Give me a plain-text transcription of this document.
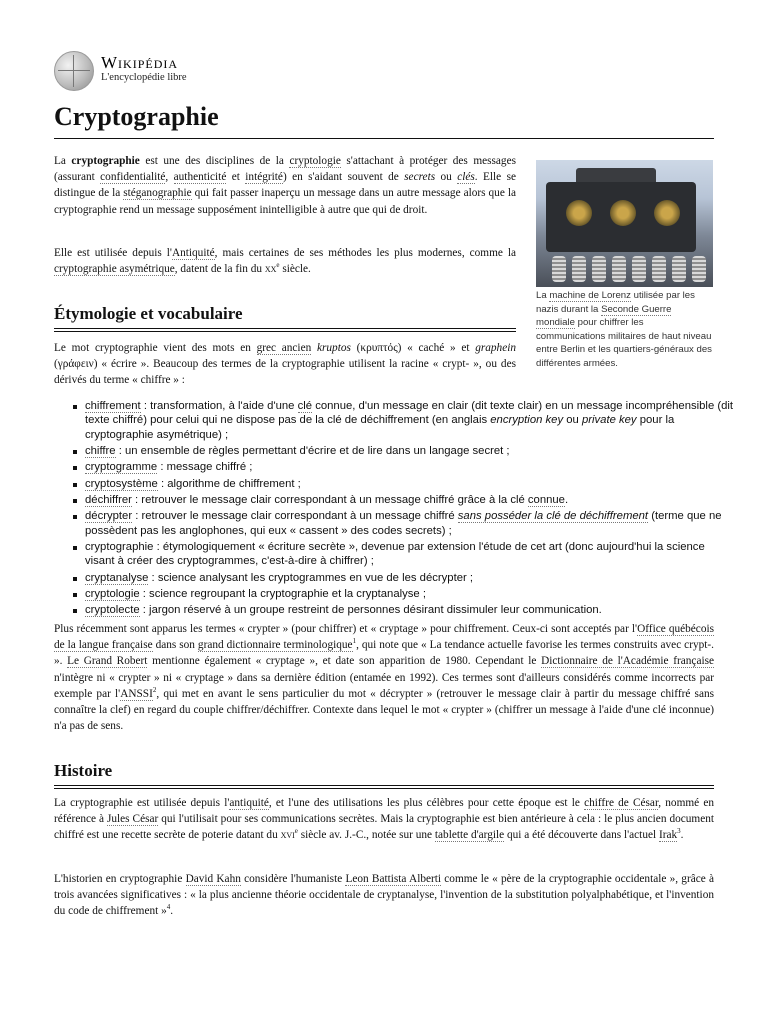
Wikipédia
L'encyclopédie libre
Cryptographie

La cryptographie est une des disciplines de la cryptologie s'attachant à protéger des messages (assurant confidentialité, authenticité et intégrité) en s'aidant souvent de secrets ou clés. Elle se distingue de la stéganographie qui fait passer inaperçu un message dans un autre message alors que la cryptographie rend un message supposément inintelligible à autre que qui de droit.

Elle est utilisée depuis l'Antiquité, mais certaines de ses méthodes les plus modernes, comme la cryptographie asymétrique, datent de la fin du $xx^e$ siècle.

La machine de Lorenz utilisée par les nazis durant la Seconde Guerre mondiale pour chiffrer les communications militaires de haut niveau entre Berlin et les quartiers-généraux des différentes armées.
Étymologie et vocabulaire

Le mot cryptographie vient des mots en grec ancien kruptos (κρυπτός) « caché » et graphein (γράφειν) « écrire ». Beaucoup des termes de la cryptographie utilisent la racine « crypt- », ou des dérivés du terme « chiffre » :

chiffrement : transformation, à l'aide d'une clé connue, d'un message en clair (dit texte clair) en un message incompréhensible (dit texte chiffré) pour celui qui ne dispose pas de la clé de déchiffrement (en anglais encryption key ou private key pour la cryptographie asymétrique) ;
chiffre : un ensemble de règles permettant d'écrire et de lire dans un langage secret ;
cryptogramme : message chiffré ;
cryptosystème : algorithme de chiffrement ;
déchiffrer : retrouver le message clair correspondant à un message chiffré grâce à la clé connue.
décrypter : retrouver le message clair correspondant à un message chiffré sans posséder la clé de déchiffrement (terme que ne possèdent pas les anglophones, qui eux « cassent » des codes secrets) ;
cryptographie : étymologiquement « écriture secrète », devenue par extension l'étude de cet art (donc aujourd'hui la science visant à créer des cryptogrammes, c'est-à-dire à chiffrer) ;
cryptanalyse : science analysant les cryptogrammes en vue de les décrypter ;
cryptologie : science regroupant la cryptographie et la cryptanalyse ;
cryptolecte : jargon réservé à un groupe restreint de personnes désirant dissimuler leur communication.

Plus récemment sont apparus les termes « crypter » (pour chiffrer) et « cryptage » pour chiffrement. Ceux-ci sont acceptés par l'Office québécois de la langue française dans son grand dictionnaire terminologique$^1$, qui note que « La tendance actuelle favorise les termes construits avec crypt-. ». Le Grand Robert mentionne également « cryptage », et date son apparition de 1980. Cependant le Dictionnaire de l'Académie française n'intègre ni « crypter » ni « cryptage » dans sa dernière édition (entamée en 1992). Ces termes sont d'ailleurs considérés comme incorrects par exemple par l'ANSSI$^2$, qui met en avant le sens particulier du mot « décrypter » (retrouver le message clair à partir du message chiffré sans connaître la clef) en regard du couple chiffrer/déchiffrer. Contexte dans lequel le mot « crypter » (chiffrer un message à l'aide d'une clé inconnue) n'a pas de sens.

Histoire

La cryptographie est utilisée depuis l'antiquité, et l'une des utilisations les plus célèbres pour cette époque est le chiffre de César, nommé en référence à Jules César qui l'utilisait pour ses communications secrètes. Mais la cryptographie est bien antérieure à cela : le plus ancien document chiffré est une recette secrète de poterie datant du xvi$^e$ siècle av. J.-C., notée sur une tablette d'argile qui a été découverte dans l'actuel Irak$^3$.

L'historien en cryptographie David Kahn considère l'humaniste Leon Battista Alberti comme le « père de la cryptographie occidentale », grâce à trois avancées significatives : « la plus ancienne théorie occidentale de cryptanalyse, l'invention de la substitution polyalphabétique, et l'invention du code de chiffrement »$^4$.
